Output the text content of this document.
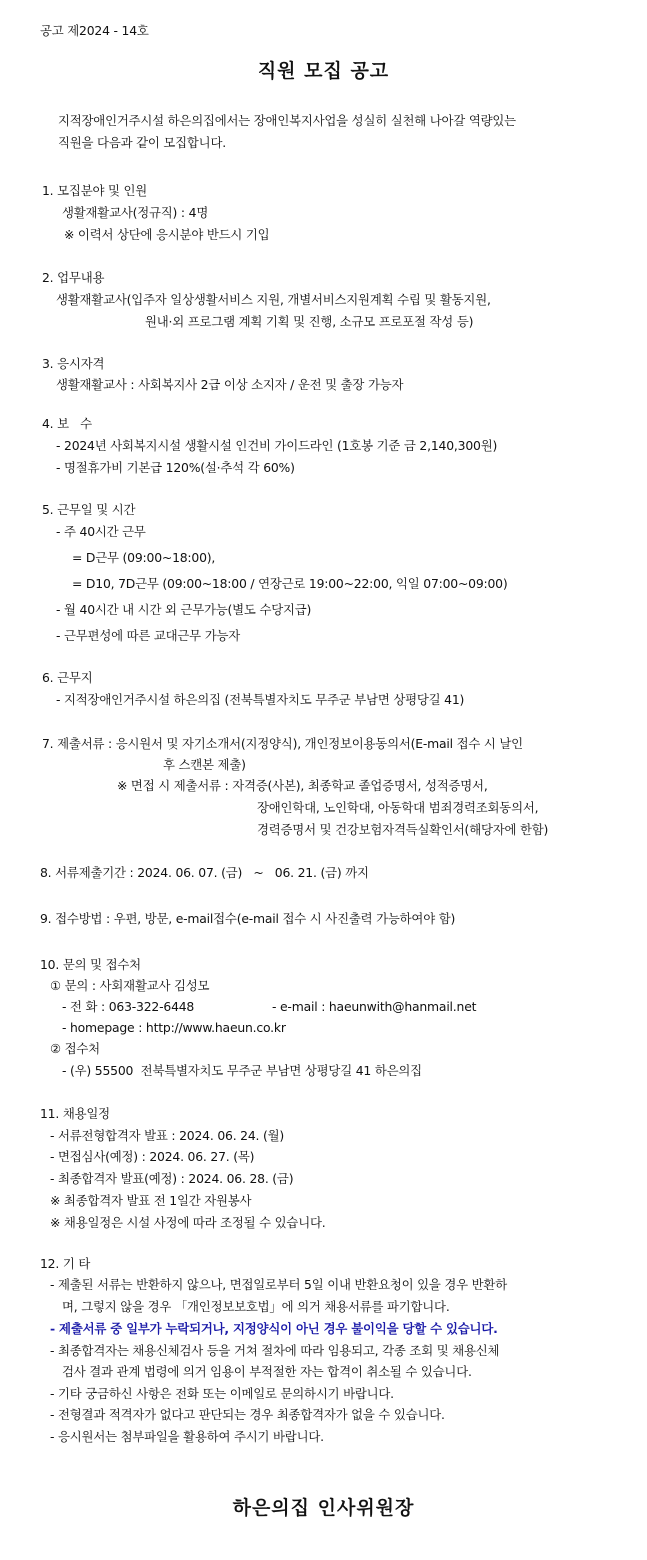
공고 제2024 - 14호
직원 모집 공고
지적장애인거주시설 하은의집에서는 장애인복지사업을 성실히 실천해 나아갈 역량있는
직원을 다음과 같이 모집합니다.
1. 모집분야 및 인원
생활재활교사(정규직) : 4명
※ 이력서 상단에 응시분야 반드시 기입
2. 업무내용
생활재활교사(입주자 일상생활서비스 지원, 개별서비스지원계획 수립 및 활동지원,
원내·외 프로그램 계획 기획 및 진행, 소규모 프로포절 작성 등)
3. 응시자격
생활재활교사 : 사회복지사 2급 이상 소지자 / 운전 및 출장 가능자
4. 보   수
- 2024년 사회복지시설 생활시설 인건비 가이드라인 (1호봉 기준 금 2,140,300원)
- 명절휴가비 기본급 120%(설·추석 각 60%)
5. 근무일 및 시간
- 주 40시간 근무
= D근무 (09:00~18:00),
= D10, 7D근무 (09:00~18:00 / 연장근로 19:00~22:00, 익일 07:00~09:00)
- 월 40시간 내 시간 외 근무가능(별도 수당지급)
- 근무편성에 따른 교대근무 가능자
6. 근무지
- 지적장애인거주시설 하은의집 (전북특별자치도 무주군 부남면 상평당길 41)
7. 제출서류 : 응시원서 및 자기소개서(지정양식), 개인정보이용동의서(E-mail 접수 시 날인
후 스캔본 제출)
※ 면접 시 제출서류 : 자격증(사본), 최종학교 졸업증명서, 성적증명서,
장애인학대, 노인학대, 아동학대 범죄경력조회동의서,
경력증명서 및 건강보험자격득실확인서(해당자에 한함)
8. 서류제출기간 : 2024. 06. 07. (금)   ~   06. 21. (금) 까지
9. 접수방법 : 우편, 방문, e-mail접수(e-mail 접수 시 사진출력 가능하여야 함)
10. 문의 및 접수처
① 문의 : 사회재활교사 김성모
- 전 화 : 063-322-6448	- e-mail : haeunwith@hanmail.net
- homepage : http://www.haeun.co.kr
② 접수처
- (우) 55500  전북특별자치도 무주군 부남면 상평당길 41 하은의집
11. 채용일정
- 서류전형합격자 발표 : 2024. 06. 24. (월)
- 면접심사(예정) : 2024. 06. 27. (목)
- 최종합격자 발표(예정) : 2024. 06. 28. (금)
※ 최종합격자 발표 전 1일간 자원봉사
※ 채용일정은 시설 사정에 따라 조정될 수 있습니다.
12. 기 타
- 제출된 서류는 반환하지 않으나, 면접일로부터 5일 이내 반환요청이 있을 경우 반환하
며, 그렇지 않을 경우 「개인정보보호법」에 의거 채용서류를 파기합니다.
- 제출서류 중 일부가 누락되거나, 지정양식이 아닌 경우 불이익을 당할 수 있습니다.
- 최종합격자는 채용신체검사 등을 거쳐 절차에 따라 임용되고, 각종 조회 및 채용신체
검사 결과 관계 법령에 의거 임용이 부적절한 자는 합격이 취소될 수 있습니다.
- 기타 궁금하신 사항은 전화 또는 이메일로 문의하시기 바랍니다.
- 전형결과 적격자가 없다고 판단되는 경우 최종합격자가 없을 수 있습니다.
- 응시원서는 첨부파일을 활용하여 주시기 바랍니다.
하은의집 인사위원장
